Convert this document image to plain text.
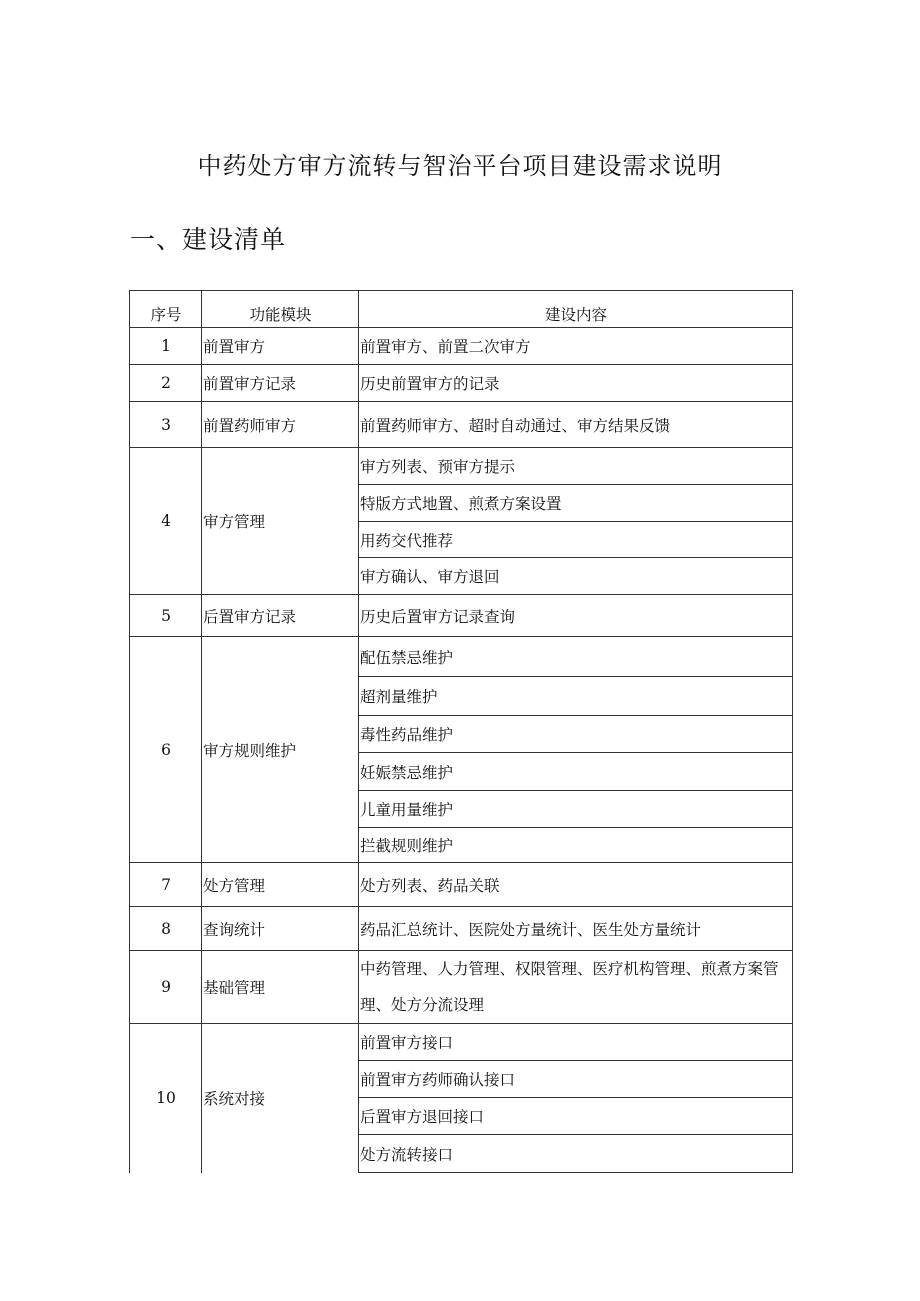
中药处方审方流转与智治平台项目建设需求说明
一、建设清单
序号	功能模块	建设内容
1	前置审方	前置审方、前置二次审方
2	前置审方记录	历史前置审方的记录
3	前置药师审方	前置药师审方、超时自动通过、审方结果反馈
4	审方管理	审方列表、预审方提示
		特版方式地置、煎煮方案设置
		用药交代推荐
		审方确认、审方退回
5	后置审方记录	历史后置审方记录查询
6	审方规则维护	配伍禁忌维护
		超剂量维护
		毒性药品维护
		妊娠禁忌维护
		儿童用量维护
		拦截规则维护
7	处方管理	处方列表、药品关联
8	查询统计	药品汇总统计、医院处方量统计、医生处方量统计
9	基础管理	中药管理、人力管理、权限管理、医疗机构管理、煎煮方案管理、处方分流设理
10	系统对接	前置审方接口
		前置审方药师确认接口
		后置审方退回接口
		处方流转接口
